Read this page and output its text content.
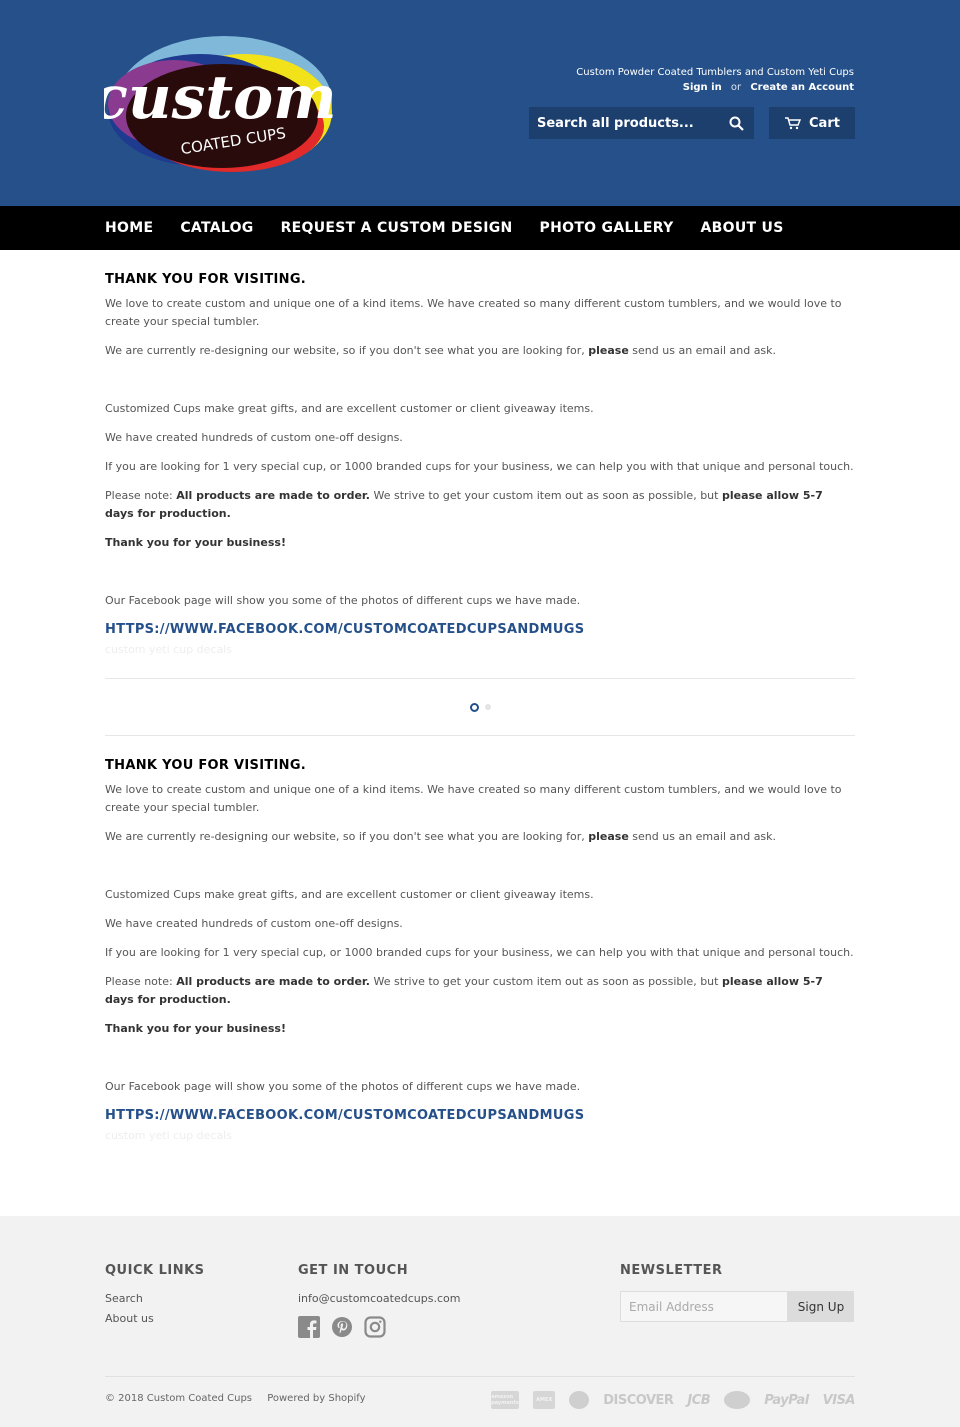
custom
COATED CUPS
Custom Powder Coated Tumblers and Custom Yeti Cups
Sign in or Create an Account
Search all products...
Cart
HOME CATALOG REQUEST A CUSTOM DESIGN PHOTO GALLERY ABOUT US
THANK YOU FOR VISITING.

We love to create custom and unique one of a kind items. We have created so many different custom tumblers, and we would love to create your special tumbler.

We are currently re-designing our website, so if you don't see what you are looking for, please send us an email and ask.

Customized Cups make great gifts, and are excellent customer or client giveaway items.

We have created hundreds of custom one-off designs.

If you are looking for 1 very special cup, or 1000 branded cups for your business, we can help you with that unique and personal touch.

Please note: All products are made to order. We strive to get your custom item out as soon as possible, but please allow 5-7 days for production.

Thank you for your business!

Our Facebook page will show you some of the photos of different cups we have made.

HTTPS://WWW.FACEBOOK.COM/CUSTOMCOATEDCUPSANDMUGS
custom yeti cup decals
THANK YOU FOR VISITING.

We love to create custom and unique one of a kind items. We have created so many different custom tumblers, and we would love to create your special tumbler.

We are currently re-designing our website, so if you don't see what you are looking for, please send us an email and ask.

Customized Cups make great gifts, and are excellent customer or client giveaway items.

We have created hundreds of custom one-off designs.

If you are looking for 1 very special cup, or 1000 branded cups for your business, we can help you with that unique and personal touch.

Please note: All products are made to order. We strive to get your custom item out as soon as possible, but please allow 5-7 days for production.

Thank you for your business!

Our Facebook page will show you some of the photos of different cups we have made.

HTTPS://WWW.FACEBOOK.COM/CUSTOMCOATEDCUPSANDMUGS
custom yeti cup decals
QUICK LINKS
Search
About us
GET IN TOUCH
info@customcoatedcups.com
NEWSLETTER
Email Address
Sign Up
© 2018 Custom Coated Cups Powered by Shopify	amazon payments	AMEX	DISCOVER JCB	PayPal VISA
